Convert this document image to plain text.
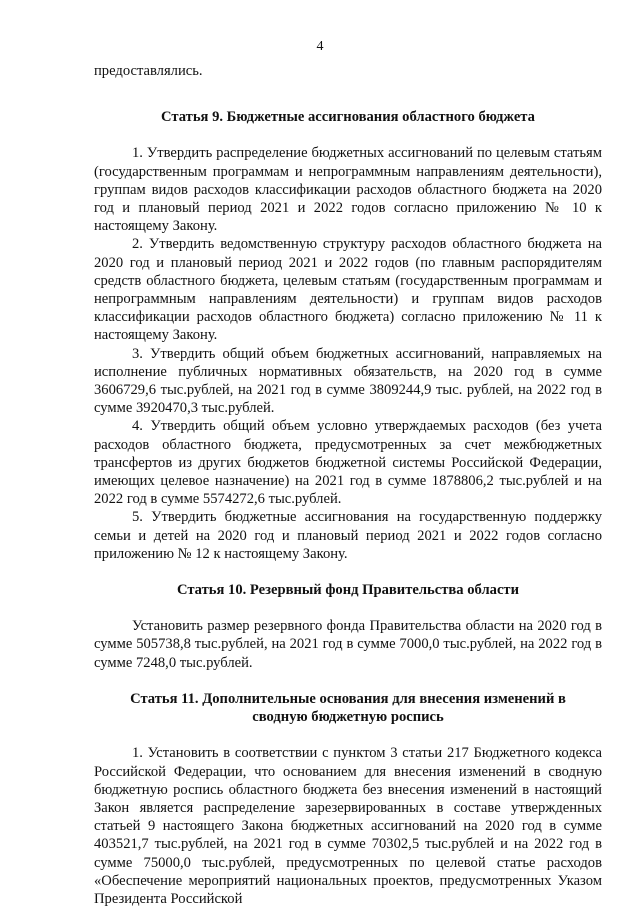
4

предоставлялись.

Статья 9. Бюджетные ассигнования областного бюджета

1. Утвердить распределение бюджетных ассигнований по целевым статьям (государственным программам и непрограммным направлениям деятельности), группам видов расходов классификации расходов областного бюджета на 2020 год и плановый период 2021 и 2022 годов согласно приложению № 10 к настоящему Закону.

2. Утвердить ведомственную структуру расходов областного бюджета на 2020 год и плановый период 2021 и 2022 годов (по главным распорядителям средств областного бюджета, целевым статьям (государственным программам и непрограммным направлениям деятельности) и группам видов расходов классификации расходов областного бюджета) согласно приложению № 11 к настоящему Закону.

3. Утвердить общий объем бюджетных ассигнований, направляемых на исполнение публичных нормативных обязательств, на 2020 год в сумме 3606729,6 тыс.рублей, на 2021 год в сумме 3809244,9 тыс. рублей, на 2022 год в сумме 3920470,3 тыс.рублей.

4. Утвердить общий объем условно утверждаемых расходов (без учета расходов областного бюджета, предусмотренных за счет межбюджетных трансфертов из других бюджетов бюджетной системы Российской Федерации, имеющих целевое назначение) на 2021 год в сумме 1878806,2 тыс.рублей и на 2022 год в сумме 5574272,6 тыс.рублей.

5. Утвердить бюджетные ассигнования на государственную поддержку семьи и детей на 2020 год и плановый период 2021 и 2022 годов согласно приложению № 12 к настоящему Закону.

Статья 10. Резервный фонд Правительства области

Установить размер резервного фонда Правительства области на 2020 год в сумме 505738,8 тыс.рублей, на 2021 год в сумме 7000,0 тыс.рублей, на 2022 год в сумме 7248,0 тыс.рублей.

Статья 11. Дополнительные основания для внесения изменений в

сводную бюджетную роспись

1. Установить в соответствии с пунктом 3 статьи 217 Бюджетного кодекса Российской Федерации, что основанием для внесения изменений в сводную бюджетную роспись областного бюджета без внесения изменений в настоящий Закон является распределение зарезервированных в составе утвержденных статьей 9 настоящего Закона бюджетных ассигнований на 2020 год в сумме 403521,7 тыс.рублей, на 2021 год в сумме 70302,5 тыс.рублей и на 2022 год в сумме 75000,0 тыс.рублей, предусмотренных по целевой статье расходов «Обеспечение мероприятий национальных проектов, предусмотренных Указом Президента Российской
